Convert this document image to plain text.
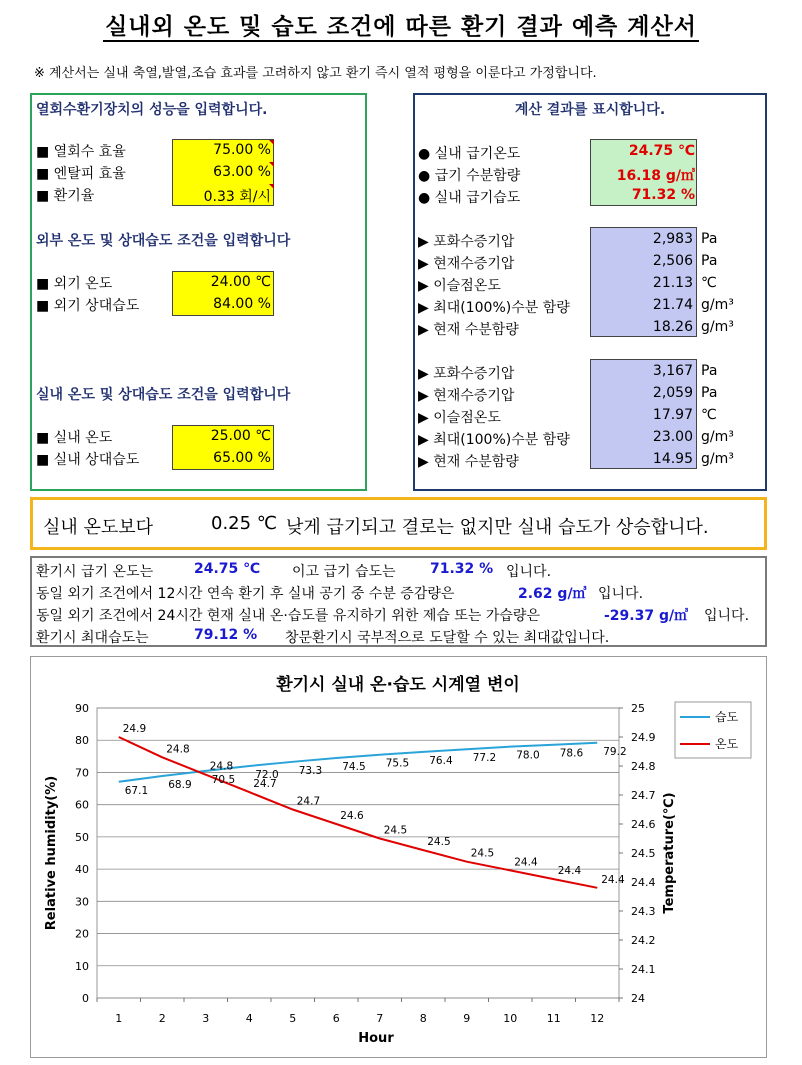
실내외 온도 및 습도 조건에 따른 환기 결과 예측 계산서
※ 계산서는 실내 축열,발열,조습 효과를 고려하지 않고 환기 즉시 열적 평형을 이룬다고 가정합니다.
열회수환기장치의 성능을 입력합니다.
■ 열회수 효율	75.00 %
■ 엔탈피 효율	63.00 %
■ 환기율	0.33 회/시
외부 온도 및 상대습도 조건을 입력합니다
■ 외기 온도	24.00 ℃
■ 외기 상대습도	84.00 %
실내 온도 및 상대습도 조건을 입력합니다
■ 실내 온도	25.00 ℃
■ 실내 상대습도	65.00 %
계산 결과를 표시합니다.
● 실내 급기온도	24.75 ℃
● 급기 수분함량	16.18 g/㎥
● 실내 급기습도	71.32 %
▶ 포화수증기압	2,983 Pa
▶ 현재수증기압	2,506 Pa
▶ 이슬점온도	21.13 ℃
▶ 최대(100%)수분 함량	21.74 g/m³
▶ 현재 수분함량	18.26 g/m³
▶ 포화수증기압	3,167 Pa
▶ 현재수증기압	2,059 Pa
▶ 이슬점온도	17.97 ℃
▶ 최대(100%)수분 함량	23.00 g/m³
▶ 현재 수분함량	14.95 g/m³
실내 온도보다	0.25 ℃ 낮게 급기되고 결로는 없지만 실내 습도가 상승합니다.
환기시 급기 온도는	24.75 ℃ 이고 급기 습도는 71.32 % 입니다.
동일 외기 조건에서 12시간 연속 환기 후 실내 공기 중 수분 증감량은	2.62 g/㎥ 입니다.
동일 외기 조건에서 24시간 현재 실내 온·습도를 유지하기 위한 제습 또는 가습량은	-29.37 g/㎥ 입니다.
환기시 최대습도는	79.12 % 창문환기시 국부적으로 도달할 수 있는 최대값입니다.
환기시 실내 온·습도 시계열 변이
0
10
20
30
40
50
60
70
80
90
24
24.1
24.2
24.3
24.4
24.5
24.6
24.7
24.8
24.9
25
1	2	3	4	5	6	7	8	9	10	11	12
67.1 68.9 70.5 72.0 73.3 74.5 75.5 76.4 77.2 78.0 78.6 79.2
24.9
24.8
24.8
24.7
24.7
24.6
24.5
24.5
24.5
24.4
24.4
24.4
Hour
Relative humidity(%)	Temperature(℃)
습도
온도
